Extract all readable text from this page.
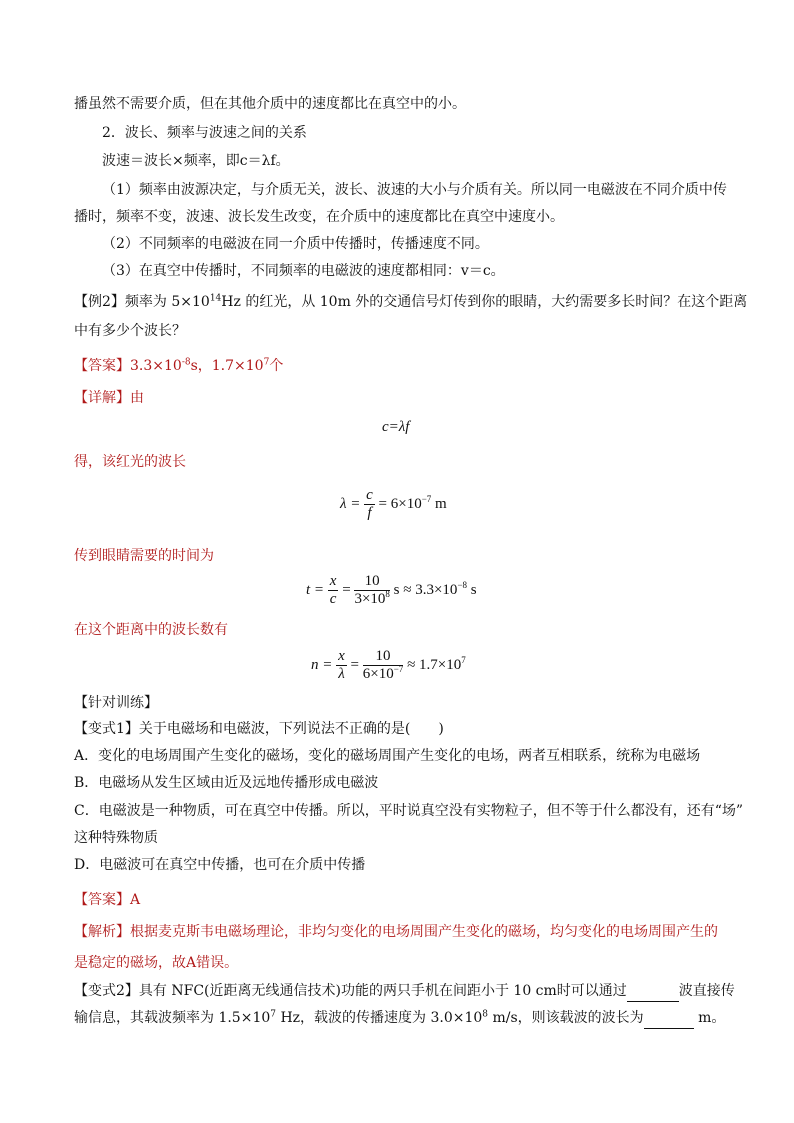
播虽然不需要介质，但在其他介质中的速度都比在真空中的小。
2．波长、频率与波速之间的关系
波速＝波长×频率，即c＝λf。
（1）频率由波源决定，与介质无关，波长、波速的大小与介质有关。所以同一电磁波在不同介质中传
播时，频率不变，波速、波长发生改变，在介质中的速度都比在真空中速度小。
（2）不同频率的电磁波在同一介质中传播时，传播速度不同。
（3）在真空中传播时，不同频率的电磁波的速度都相同：v＝c。
【例2】频率为 $5\times 10^{14}Hz$ 的红光，从 10m 外的交通信号灯传到你的眼睛，大约需要多长时间？在这个距离
中有多少个波长？
【答案】$3.3\times 10^{-8}s$，$1.7\times 10^7$个
【详解】由
c=λf
得，该红光的波长
$\lambda = \frac{c}{f} = 6\times 10^{-7}$ m
传到眼睛需要的时间为
$t = \frac{x}{c} = \frac{10}{3\times 10^8}$ $s \approx 3.3\times 10^{-8}$ s
在这个距离中的波长数有
$n = \frac{x}{\lambda} = \frac{10}{6\times 10^{-7}} \approx 1.7\times 10^7$
【针对训练】
【变式1】关于电磁场和电磁波，下列说法不正确的是(　　)
A．变化的电场周围产生变化的磁场，变化的磁场周围产生变化的电场，两者互相联系，统称为电磁场
B．电磁场从发生区域由近及远地传播形成电磁波
C．电磁波是一种物质，可在真空中传播。所以，平时说真空没有实物粒子，但不等于什么都没有，还有“场”
这种特殊物质
D．电磁波可在真空中传播，也可在介质中传播
【答案】A
【解析】根据麦克斯韦电磁场理论，非均匀变化的电场周围产生变化的磁场，均匀变化的电场周围产生的
是稳定的磁场，故A错误。
【变式2】具有 NFC(近距离无线通信技术)功能的两只手机在间距小于 10 cm时可以通过	波直接传
输信息，其载波频率为 $1.5\times 10^7$ Hz，载波的传播速度为 $3.0\times 10^8$ m/s，则该载波的波长为	m。
